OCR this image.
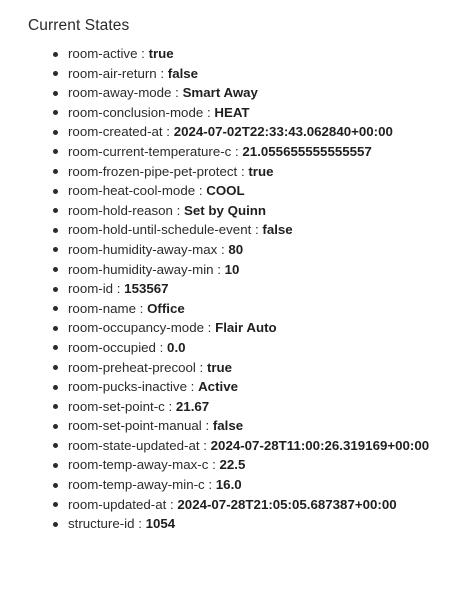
Current States
room-active : true
room-air-return : false
room-away-mode : Smart Away
room-conclusion-mode : HEAT
room-created-at : 2024-07-02T22:33:43.062840+00:00
room-current-temperature-c : 21.055655555555557
room-frozen-pipe-pet-protect : true
room-heat-cool-mode : COOL
room-hold-reason : Set by Quinn
room-hold-until-schedule-event : false
room-humidity-away-max : 80
room-humidity-away-min : 10
room-id : 153567
room-name : Office
room-occupancy-mode : Flair Auto
room-occupied : 0.0
room-preheat-precool : true
room-pucks-inactive : Active
room-set-point-c : 21.67
room-set-point-manual : false
room-state-updated-at : 2024-07-28T11:00:26.319169+00:00
room-temp-away-max-c : 22.5
room-temp-away-min-c : 16.0
room-updated-at : 2024-07-28T21:05:05.687387+00:00
structure-id : 1054
